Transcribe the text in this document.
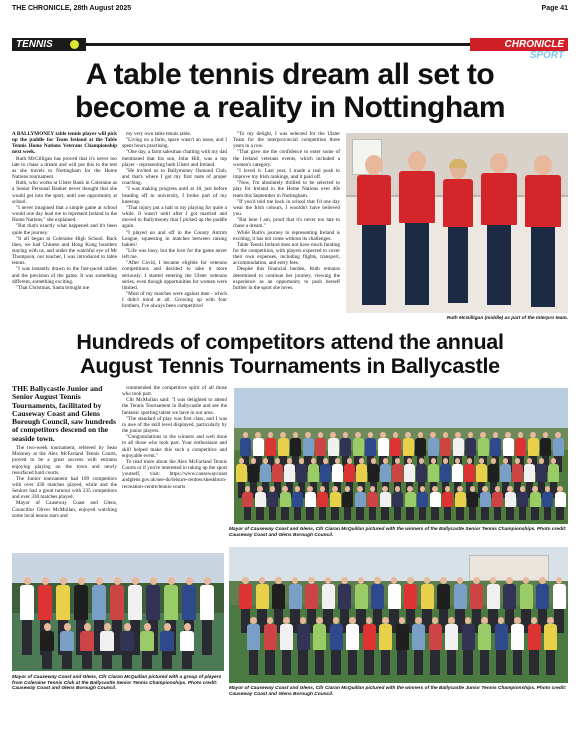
THE CHRONICLE, 28th August 2025	Page 41
TENNIS	CHRONICLE SPORT
A table tennis dream all set to
become a reality in Nottingham

A BALLYMONEY table tennis player will pick up the paddle for Team Ireland at the Table Tennis Home Nations Veterans Championship next week.

Ruth McGilligan has proved that it's never too late to chase a dream and will put this to the test as she travels to Nottingham for the Home Nations tournament.

Ruth, who works at Ulster Bank in Coleraine as a Senior Personal Banker never thought that she would get into the sport, until one opportunity at school.

"I never imagined that a simple game at school would one day lead me to represent Ireland in the Home Nations," she explained.

"But that's exactly what happened and it's been quite the journey.

"It all began at Coleraine High School. Back then, we had Chinese and Hong Kong boarders staying with us, and under the watchful eye of Mr Thompson, our teacher, I was introduced to table tennis.

"I was instantly drawn to the fast-paced rallies and the precision of the game. It was something different, something exciting.

"That Christmas, Santa brought me

my very own table tennis table.

"Living on a farm, space wasn't an issue, and I spent hours practising.

"One day, a farm salesman chatting with my dad mentioned that his son, John Hill, was a top player - representing both Ulster and Ireland.

"He invited us to Ballymoney Osmond Club, and that's where I got my first taste of proper coaching.

"I was making progress until at 18, just before heading off to university, I broke part of my kneecap.

"That injury put a halt to my playing for quite a while. It wasn't until after I got married and moved to Ballymoney that I picked up the paddle again.

"I played on and off in the County Antrim League, squeezing in matches between raising babies!

"Life was busy, but the love for the game never left me.

"After Covid, I became eligible for veterans competitions and decided to take it more seriously. I started entering the Ulster veterans series, even though opportunities for women were limited.

"Most of my matches were against men - which I didn't mind at all. Growing up with four brothers, I've always been competitive!

"To my delight, I was selected for the Ulster Team for the interprovincial competition three years in a row.

"That gave me the confidence to enter some of the Ireland veterans events, which included a women's category.

"I loved it. Last year, I made a real push to improve my Irish rankings, and it paid off.

"Now, I'm absolutely thrilled to be selected to play for Ireland in the Home Nations over 40s team this September in Nottingham.

"If you'd told me back in school that I'd one day wear the Irish colours, I wouldn't have believed you.

"But here I am, proof that it's never too late to chase a dream."

While Ruth's journey to representing Ireland is exciting, it has not come without its challenges.

Table Tennis Ireland does not have much funding for the competition, with players expected to cover their own expenses, including flights, transport, accommodation, and entry fees.

Despite this financial burden, Ruth remains determined to continue her journey, viewing the experience as an opportunity to push herself further in the sport she loves.

Ruth McGilligan (middle) as part of the Interpro team.
Hundreds of competitors attend the annual
August Tennis Tournaments in Ballycastle
THE Ballycastle Junior and Senior August Tennis Tournaments, facilitated by Causeway Coast and Glens Borough Council, saw hundreds of competitors descend on the seaside town.

The two-week tournament, refereed by Sean Moloney at the Alex McFarland Tennis Courts, proved to be a great success with entrants enjoying playing on the town and newly resurfaced hard courts.

The Junior tournament had 189 competitors with over 430 matches played, while and the Seniors had a great turnout with 235 competitors and over 330 matches played.

Mayor of Causeway Coast and Glens, Councillor Oliver McMullan, enjoyed watching some local tennis stars and

commended the competitive spirit of all those who took part.

Cllr McMullan said: "I was delighted to attend the Tennis Tournament in Ballycastle and see the fantastic sporting talent we have in our area.

"The standard of play was first class, and I was in awe of the skill level displayed, particularly by the junior players.

"Congratulations to the winners and well done to all those who took part. Your enthusiasm and skill helped make this such a competitive and enjoyable event."

To read more about the Alex McFarland Tennis Courts or if you're interested in taking up the sport yourself, visit: https://www.causewaycoast andglens.gov.uk/see-do/leisure-centres/sheskburn-recreation-centre/tennis-courts

Mayor of Causeway Coast and Glens, Cllr Ciaran McQuillan pictured with the winners of the Ballycastle Senior Tennis Championships. Photo credit: Causeway Coast and Glens Borough Council.
Mayor of Causeway Coast and Glens, Cllr Ciaran McQuillan pictured with a group of players from Coleraine Tennis Club at the Ballycastle Senior Tennis Championships. Photo credit: Causeway Coast and Glens Borough Council.	Mayor of Causeway Coast and Glens, Cllr Ciaran McQuillan pictured with the winners of the Ballycastle Junior Tennis Championships. Photo credit: Causeway Coast and Glens Borough Council.
